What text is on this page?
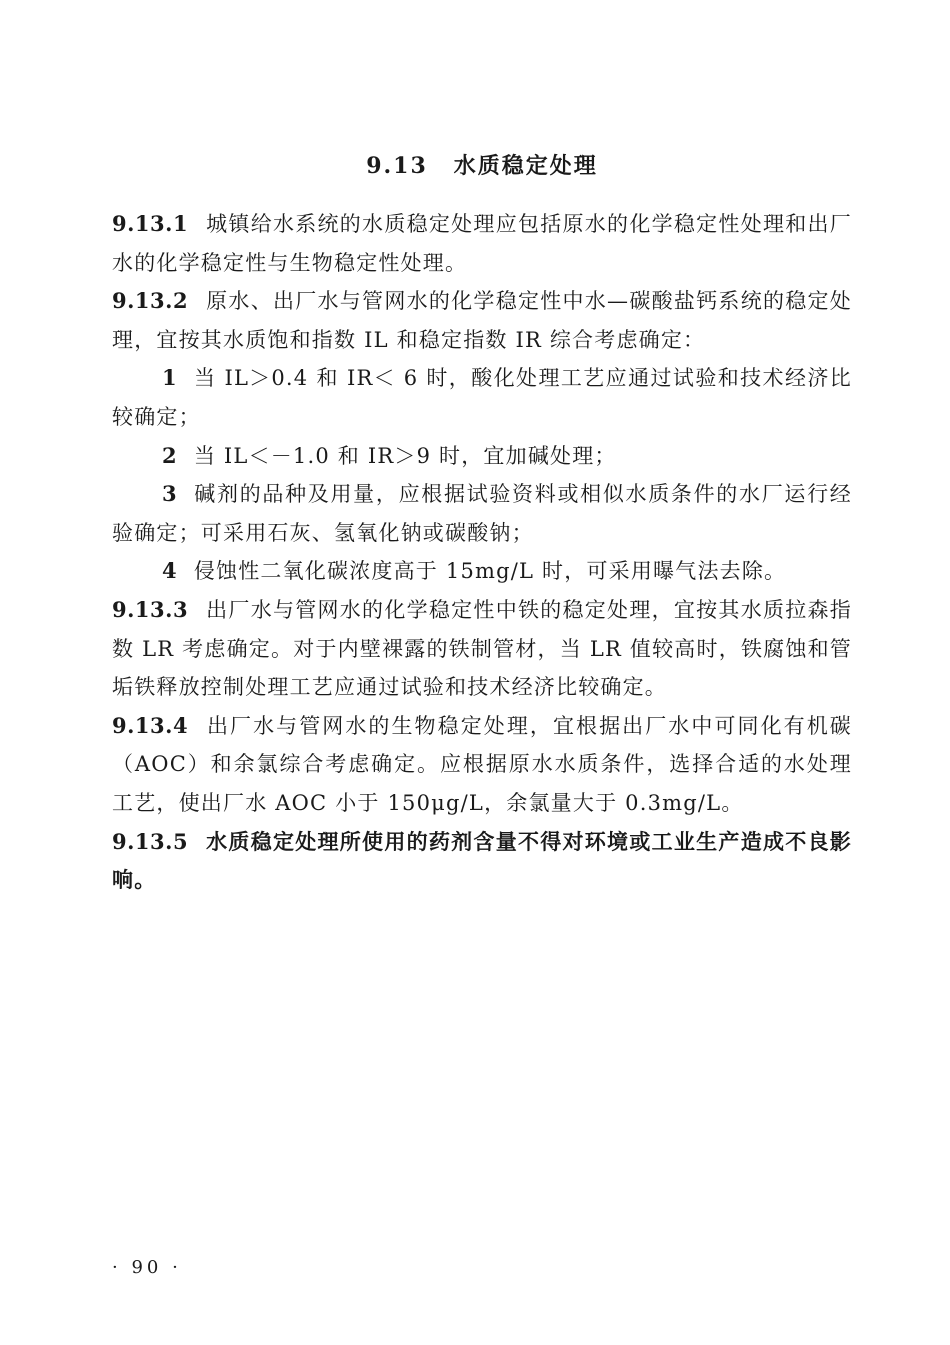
9.13 水质稳定处理

9.13.1 城镇给水系统的水质稳定处理应包括原水的化学稳定性处理和出厂水的化学稳定性与生物稳定性处理。

9.13.2 原水、出厂水与管网水的化学稳定性中水—碳酸盐钙系统的稳定处理，宜按其水质饱和指数 IL 和稳定指数 IR 综合考虑确定：

1 当 IL＞0.4 和 IR＜ 6 时，酸化处理工艺应通过试验和技术经济比较确定；

2 当 IL＜－1.0 和 IR＞9 时，宜加碱处理；

3 碱剂的品种及用量，应根据试验资料或相似水质条件的水厂运行经验确定；可采用石灰、氢氧化钠或碳酸钠；

4 侵蚀性二氧化碳浓度高于 15mg/L 时，可采用曝气法去除。

9.13.3 出厂水与管网水的化学稳定性中铁的稳定处理，宜按其水质拉森指数 LR 考虑确定。对于内壁裸露的铁制管材，当 LR 值较高时，铁腐蚀和管垢铁释放控制处理工艺应通过试验和技术经济比较确定。

9.13.4 出厂水与管网水的生物稳定处理，宜根据出厂水中可同化有机碳（AOC）和余氯综合考虑确定。应根据原水水质条件，选择合适的水处理工艺，使出厂水 AOC 小于 150μg/L，余氯量大于 0.3mg/L。

9.13.5 水质稳定处理所使用的药剂含量不得对环境或工业生产造成不良影响。

· 90 ·
